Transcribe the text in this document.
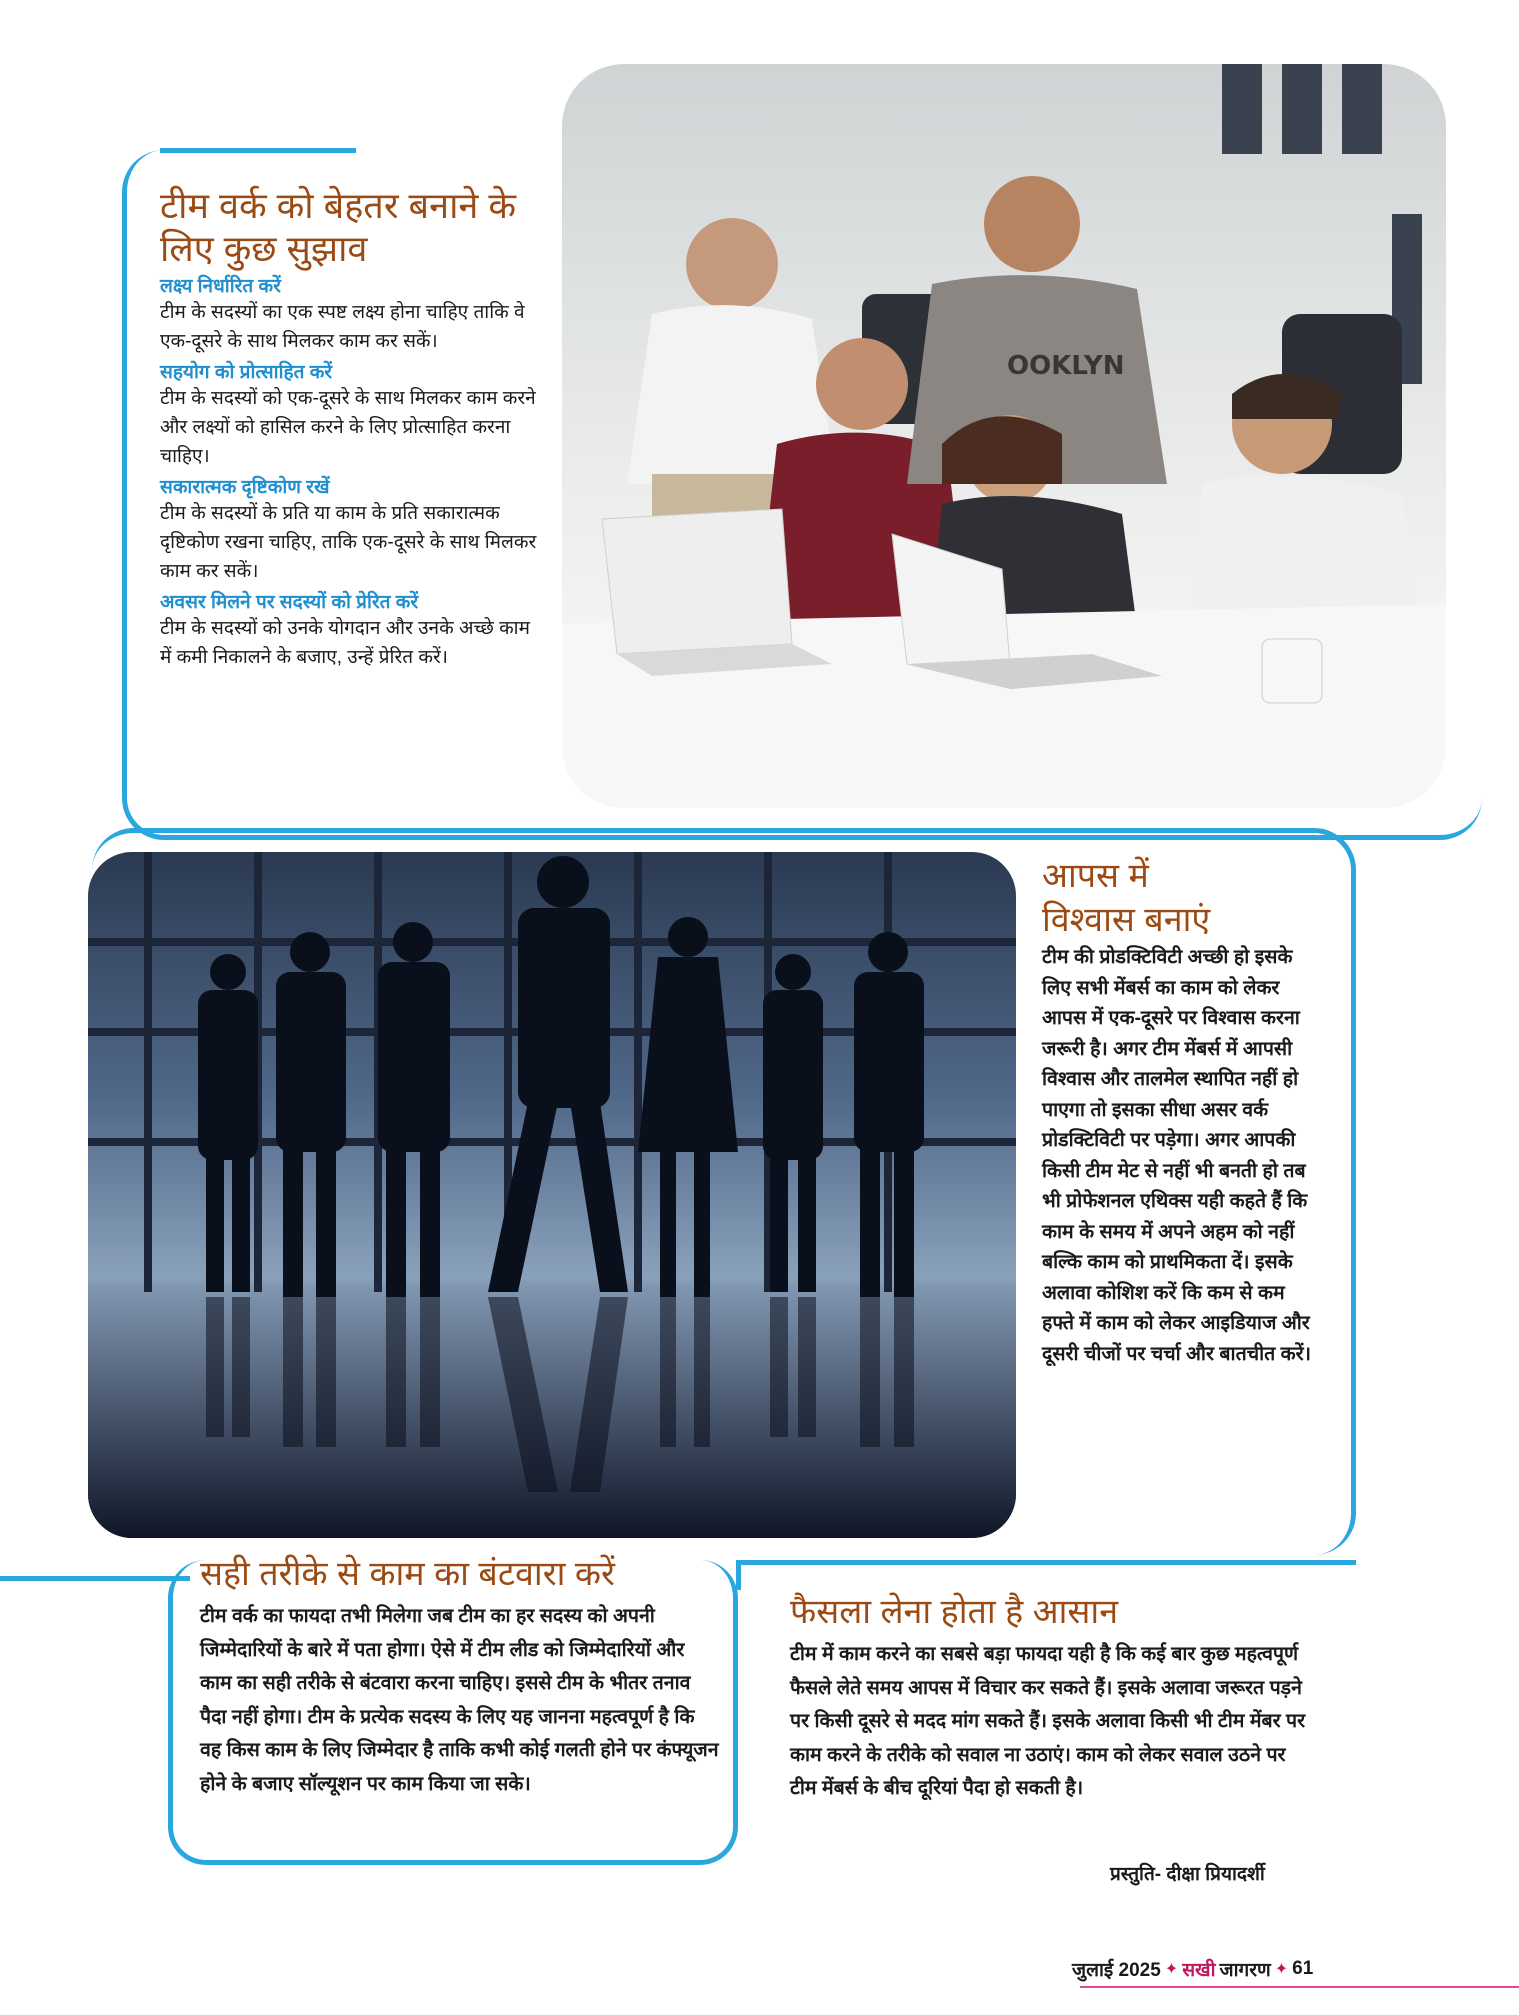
OOKLYN
टीम वर्क को बेहतर बनाने के लिए कुछ सुझाव

लक्ष्य निर्धारित करें

टीम के सदस्यों का एक स्पष्ट लक्ष्य होना चाहिए ताकि वे एक-दूसरे के साथ मिलकर काम कर सकें।

सहयोग को प्रोत्साहित करें

टीम के सदस्यों को एक-दूसरे के साथ मिलकर काम करने और लक्ष्यों को हासिल करने के लिए प्रोत्साहित करना चाहिए।

सकारात्मक दृष्टिकोण रखें

टीम के सदस्यों के प्रति या काम के प्रति सकारात्मक दृष्टिकोण रखना चाहिए, ताकि एक-दूसरे के साथ मिलकर काम कर सकें।

अवसर मिलने पर सदस्यों को प्रेरित करें

टीम के सदस्यों को उनके योगदान और उनके अच्छे काम में कमी निकालने के बजाए, उन्हें प्रेरित करें।

आपस में
विश्वास बनाएं

टीम की प्रोडक्टिविटी अच्छी हो इसके लिए सभी मेंबर्स का काम को लेकर आपस में एक-दूसरे पर विश्वास करना जरूरी है। अगर टीम मेंबर्स में आपसी विश्वास और तालमेल स्थापित नहीं हो पाएगा तो इसका सीधा असर वर्क प्रोडक्टिविटी पर पड़ेगा। अगर आपकी किसी टीम मेट से नहीं भी बनती हो तब भी प्रोफेशनल एथिक्स यही कहते हैं कि काम के समय में अपने अहम को नहीं बल्कि काम को प्राथमिकता दें। इसके अलावा कोशिश करें कि कम से कम हफ्ते में काम को लेकर आइडियाज और दूसरी चीजों पर चर्चा और बातचीत करें।

सही तरीके से काम का बंटवारा करें

टीम वर्क का फायदा तभी मिलेगा जब टीम का हर सदस्य को अपनी जिम्मेदारियों के बारे में पता होगा। ऐसे में टीम लीड को जिम्मेदारियों और काम का सही तरीके से बंटवारा करना चाहिए। इससे टीम के भीतर तनाव पैदा नहीं होगा। टीम के प्रत्येक सदस्य के लिए यह जानना महत्वपूर्ण है कि वह किस काम के लिए जिम्मेदार है ताकि कभी कोई गलती होने पर कंफ्यूजन होने के बजाए सॉल्यूशन पर काम किया जा सके।

फैसला लेना होता है आसान

टीम में काम करने का सबसे बड़ा फायदा यही है कि कई बार कुछ महत्वपूर्ण फैसले लेते समय आपस में विचार कर सकते हैं। इसके अलावा जरूरत पड़ने पर किसी दूसरे से मदद मांग सकते हैं। इसके अलावा किसी भी टीम मेंबर पर काम करने के तरीके को सवाल ना उठाएं। काम को लेकर सवाल उठने पर टीम मेंबर्स के बीच दूरियां पैदा हो सकती है।

प्रस्तुति- दीक्षा प्रियादर्शी
जुलाई 2025 ✦ सखी जागरण ✦ 61
